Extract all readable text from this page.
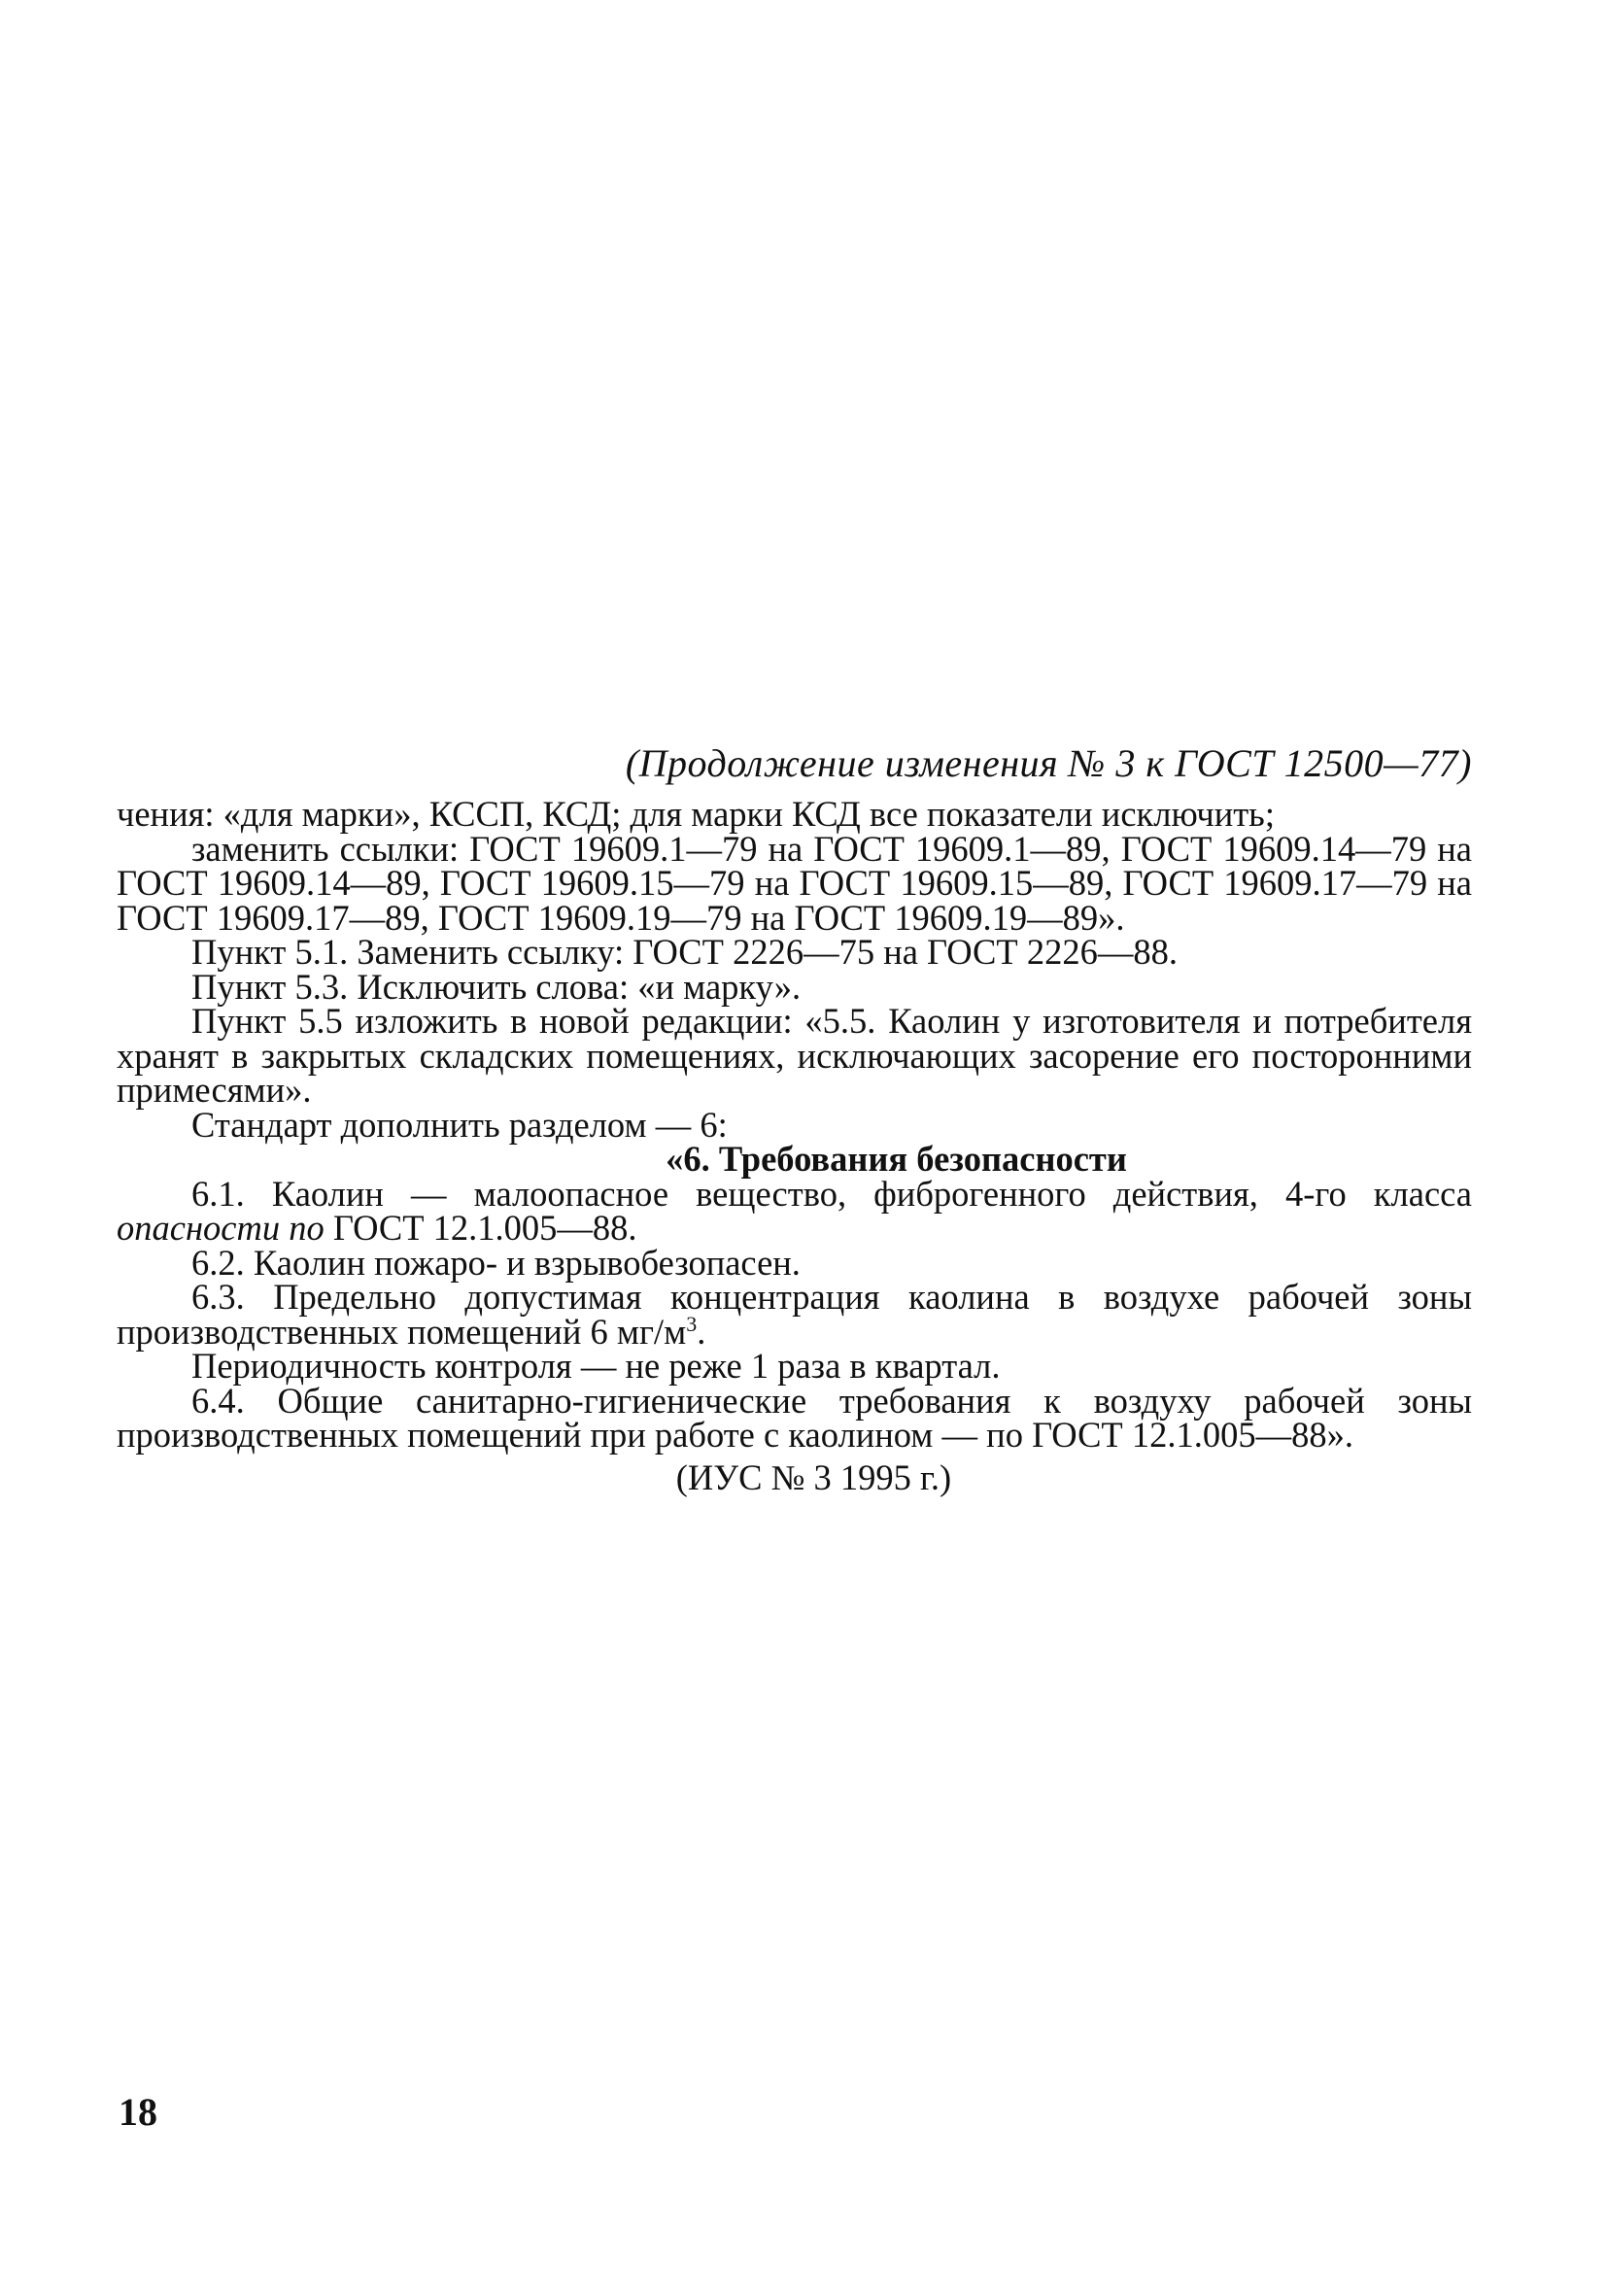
(Продолжение изменения № 3 к ГОСТ 12500—77)

чения: «для марки», КССП, КСД; для марки КСД все показатели исключить;

заменить ссылки: ГОСТ 19609.1—79 на ГОСТ 19609.1—89, ГОСТ 19609.14—79 на ГОСТ 19609.14—89, ГОСТ 19609.15—79 на ГОСТ 19609.15—89, ГОСТ 19609.17—79 на ГОСТ 19609.17—89, ГОСТ 19609.19—79 на ГОСТ 19609.19—89».

Пункт 5.1. Заменить ссылку: ГОСТ 2226—75 на ГОСТ 2226—88.

Пункт 5.3. Исключить слова: «и марку».

Пункт 5.5 изложить в новой редакции: «5.5. Каолин у изготовителя и потребителя хранят в закрытых складских помещениях, исключающих засорение его посторонними примесями».

Стандарт дополнить разделом — 6:

«6. Требования безопасности

6.1. Каолин — малоопасное вещество, фиброгенного действия, 4-го класса опасности по ГОСТ 12.1.005—88.

6.2. Каолин пожаро- и взрывобезопасен.

6.3. Предельно допустимая концентрация каолина в воздухе рабочей зоны производственных помещений 6 $мг/м^3$.

Периодичность контроля — не реже 1 раза в квартал.

6.4. Общие санитарно-гигиенические требования к воздуху рабочей зоны производственных помещений при работе с каолином — по ГОСТ 12.1.005—88».

(ИУС № 3 1995 г.)

18
